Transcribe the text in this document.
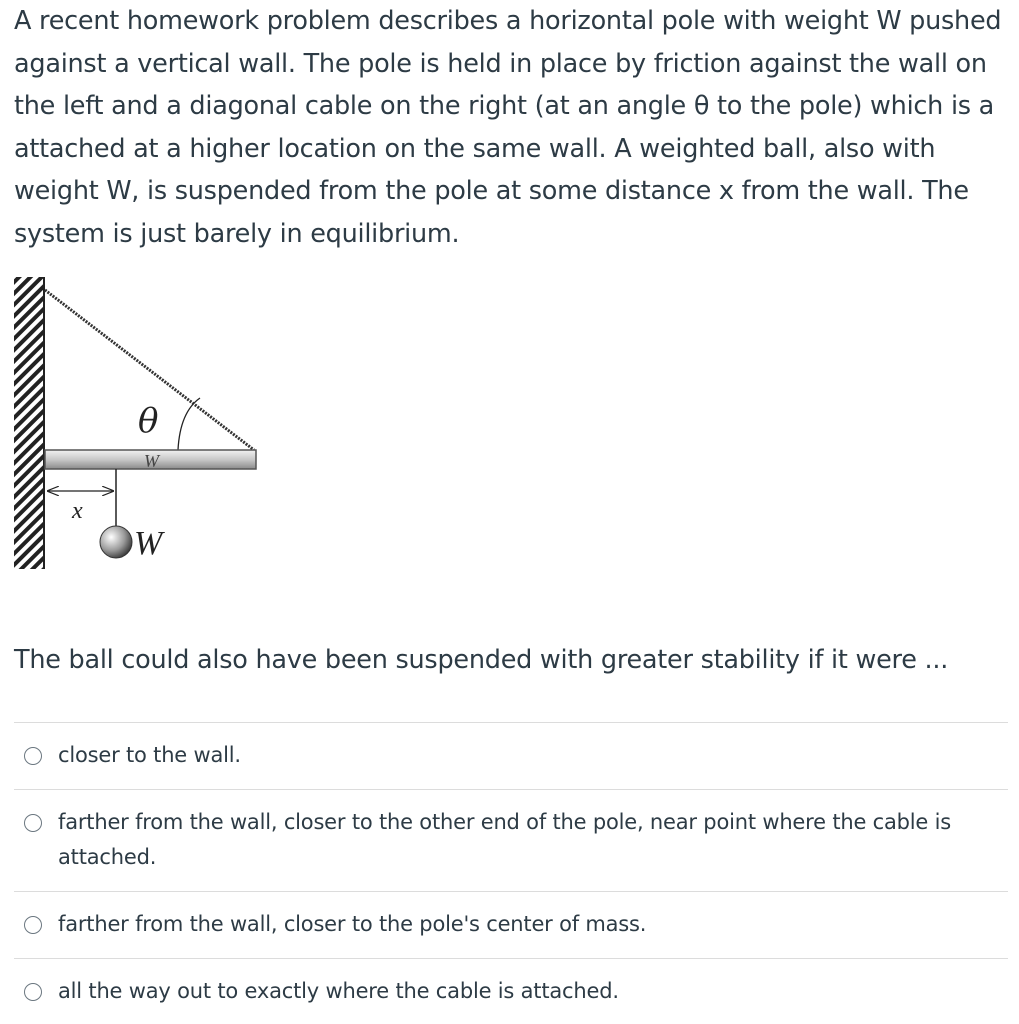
A recent homework problem describes a horizontal pole with weight W pushed against a vertical wall. The pole is held in place by friction against the wall on the left and a diagonal cable on the right (at an angle θ to the pole) which is a attached at a higher location on the same wall. A weighted ball, also with weight W, is suspended from the pole at some distance x from the wall. The system is just barely in equilibrium.

θ
W
x
W

The ball could also have been suspended with greater stability if it were ...

closer to the wall.
farther from the wall, closer to the other end of the pole, near point where the cable is attached.
farther from the wall, closer to the pole's center of mass.
all the way out to exactly where the cable is attached.
